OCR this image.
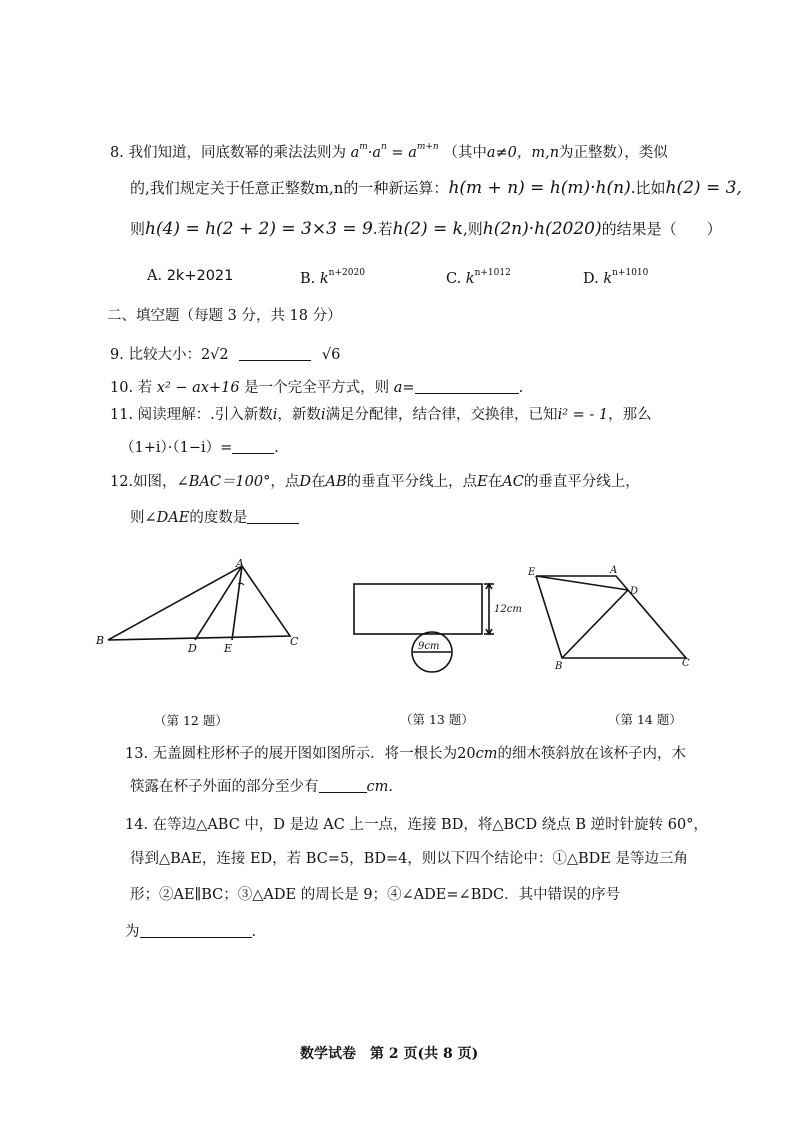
8. 我们知道，同底数幂的乘法法则为 $a^m\cdot a^n = a^{m+n}$ （其中a≠0，m,n为正整数），类似
的,我们规定关于任意正整数m,n的一种新运算：h(m + n) = h(m)·h(n).比如h(2) = 3,
则h(4) = h(2 + 2) = 3×3 = 9.若h(2) = k,则h(2n)·h(2020)的结果是（　　）
A. 2k+2021	B. $k^{n+2020}$	C. $k^{n+1012}$	D. $k^{n+1010}$
二、填空题（每题 3 分，共 18 分）
9. 比较大小：2√2	√6
10. 若 x² − ax+16 是一个完全平方式，则 a=	.
11. 阅读理解：.引入新数i，新数i满足分配律，结合律，交换律，已知i² = - 1，那么
（1+i）·（1−i）=	.
12.如图，∠BAC＝100°，点D在AB的垂直平分线上，点E在AC的垂直平分线上，
则∠DAE的度数是
A
B	C
D E
（第 12 题）
12cm
9cm
（第 13 题）
E	A
D
B	C
（第 14 题）
13. 无盖圆柱形杯子的展开图如图所示．将一根长为20cm的细木筷斜放在该杯子内，木
筷露在杯子外面的部分至少有	cm.
14. 在等边△ABC 中，D 是边 AC 上一点，连接 BD，将△BCD 绕点 B 逆时针旋转 60°，
得到△BAE，连接 ED，若 BC=5，BD=4，则以下四个结论中：①△BDE 是等边三角
形；②AE∥BC；③△ADE 的周长是 9；④∠ADE=∠BDC．其中错误的序号
为	.
数学试卷　第 2 页(共 8 页)
